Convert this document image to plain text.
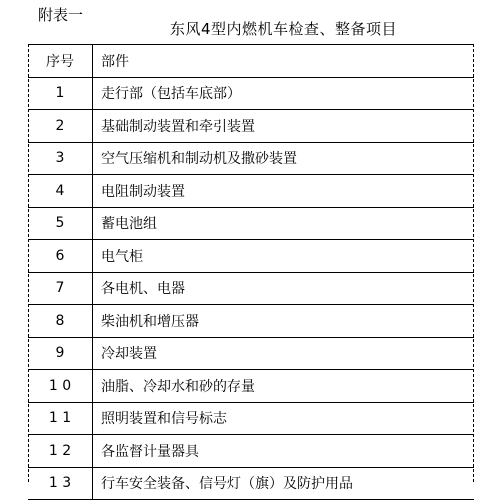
附表一
东风4型内燃机车检查、整备项目
序号	部件
1	走行部（包括车底部）
2	基础制动装置和牵引装置
3	空气压缩机和制动机及撒砂装置
4	电阻制动装置
5	蓄电池组
6	电气柜
7	各电机、电器
8	柴油机和增压器
9	冷却装置
1 0	油脂、冷却水和砂的存量
1 1	照明装置和信号标志
1 2	各监督计量器具
1 3	行车安全装备、信号灯（旗）及防护用品
